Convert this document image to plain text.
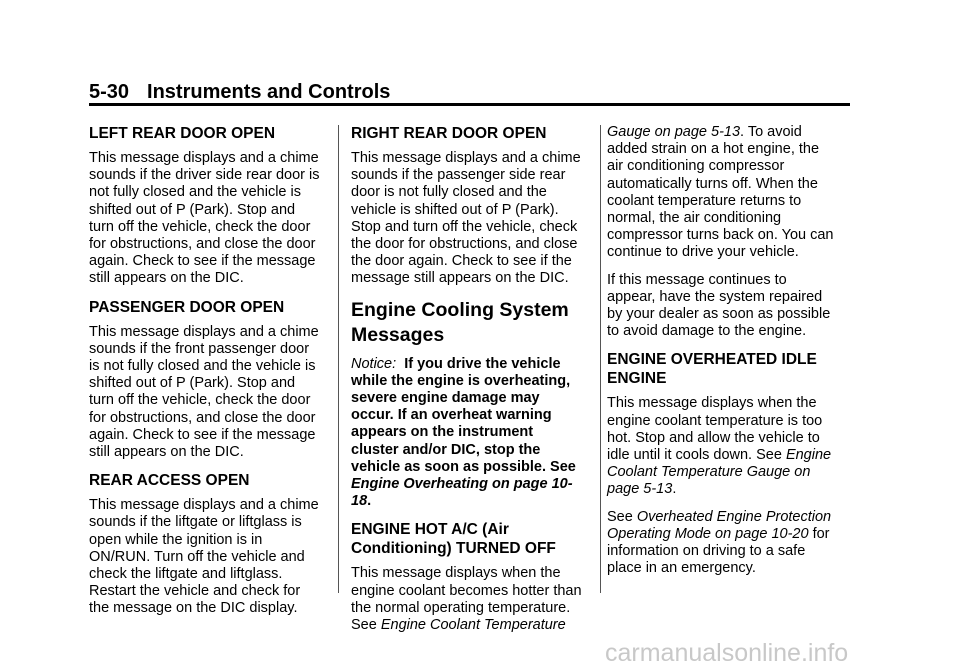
5-30 Instruments and Controls
LEFT REAR DOOR OPEN

This message displays and a chime sounds if the driver side rear door is not fully closed and the vehicle is shifted out of P (Park). Stop and turn off the vehicle, check the door for obstructions, and close the door again. Check to see if the message still appears on the DIC.

PASSENGER DOOR OPEN

This message displays and a chime sounds if the front passenger door is not fully closed and the vehicle is shifted out of P (Park). Stop and turn off the vehicle, check the door for obstructions, and close the door again. Check to see if the message still appears on the DIC.

REAR ACCESS OPEN

This message displays and a chime sounds if the liftgate or liftglass is open while the ignition is in ON/RUN. Turn off the vehicle and check the liftgate and liftglass. Restart the vehicle and check for the message on the DIC display.

RIGHT REAR DOOR OPEN

This message displays and a chime sounds if the passenger side rear door is not fully closed and the vehicle is shifted out of P (Park). Stop and turn off the vehicle, check the door for obstructions, and close the door again. Check to see if the message still appears on the DIC.

Engine Cooling System Messages

Notice: If you drive the vehicle while the engine is overheating, severe engine damage may occur. If an overheat warning appears on the instrument cluster and/or DIC, stop the vehicle as soon as possible. See Engine Overheating on page 10-18.

ENGINE HOT A/C (Air Conditioning) TURNED OFF

This message displays when the engine coolant becomes hotter than the normal operating temperature. See Engine Coolant Temperature

Gauge on page 5-13. To avoid added strain on a hot engine, the air conditioning compressor automatically turns off. When the coolant temperature returns to normal, the air conditioning compressor turns back on. You can continue to drive your vehicle.

If this message continues to appear, have the system repaired by your dealer as soon as possible to avoid damage to the engine.

ENGINE OVERHEATED IDLE ENGINE

This message displays when the engine coolant temperature is too hot. Stop and allow the vehicle to idle until it cools down. See Engine Coolant Temperature Gauge on page 5-13.

See Overheated Engine Protection Operating Mode on page 10-20 for information on driving to a safe place in an emergency.

carmanualsonline.info
